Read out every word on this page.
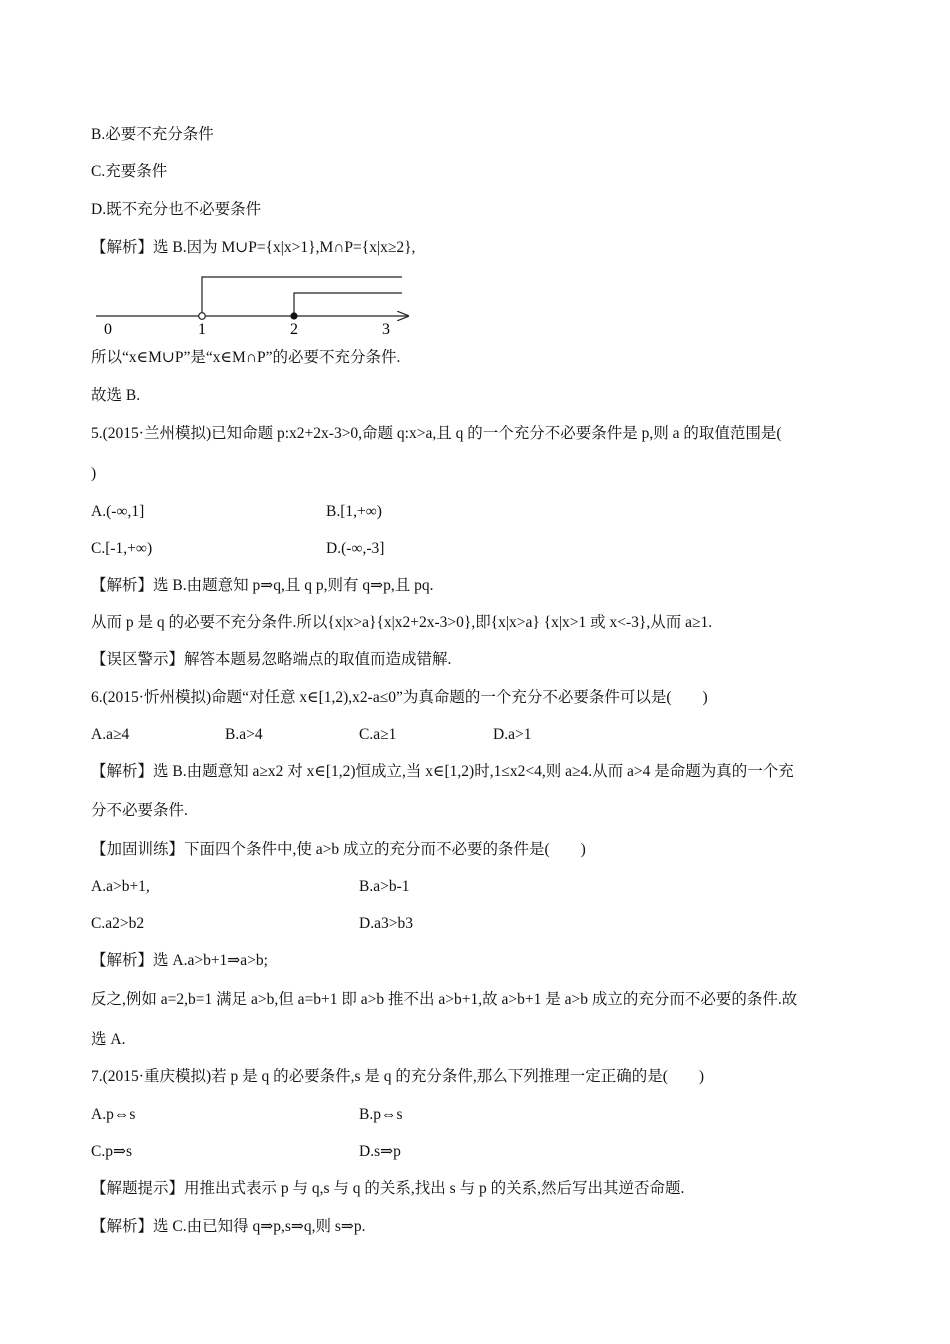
B.必要不充分条件
C.充要条件
D.既不充分也不必要条件
【解析】选 B.因为 M∪P={x|x>1},M∩P={x|x≥2},
0	1	2	3
所以“x∈M∪P”是“x∈M∩P”的必要不充分条件.
故选 B.
5.(2015·兰州模拟)已知命题 p:x2+2x-3>0,命题 q:x>a,且 q 的一个充分不必要条件是 p,则 a 的取值范围是(
)
A.(-∞,1]	B.[1,+∞)
C.[-1,+∞)	D.(-∞,-3]
【解析】选 B.由题意知 p⇒q,且 q p,则有 q⇒p,且 pq.
从而 p 是 q 的必要不充分条件.所以{x|x>a}{x|x2+2x-3>0},即{x|x>a} {x|x>1 或 x<-3},从而 a≥1.
【误区警示】解答本题易忽略端点的取值而造成错解.
6.(2015·忻州模拟)命题“对任意 x∈[1,2),x2-a≤0”为真命题的一个充分不必要条件可以是(　　)
A.a≥4	B.a>4	C.a≥1	D.a>1
【解析】选 B.由题意知 a≥x2 对 x∈[1,2)恒成立,当 x∈[1,2)时,1≤x2<4,则 a≥4.从而 a>4 是命题为真的一个充
分不必要条件.
【加固训练】下面四个条件中,使 a>b 成立的充分而不必要的条件是(　　)
A.a>b+1,	B.a>b-1
C.a2>b2	D.a3>b3
【解析】选 A.a>b+1⇒a>b;
反之,例如 a=2,b=1 满足 a>b,但 a=b+1 即 a>b 推不出 a>b+1,故 a>b+1 是 a>b 成立的充分而不必要的条件.故
选 A.
7.(2015·重庆模拟)若 p 是 q 的必要条件,s 是 q 的充分条件,那么下列推理一定正确的是(　　)
A.p⇔s	B.p⇔s
C.p⇒s	D.s⇒p
【解题提示】用推出式表示 p 与 q,s 与 q 的关系,找出 s 与 p 的关系,然后写出其逆否命题.
【解析】选 C.由已知得 q⇒p,s⇒q,则 s⇒p.
